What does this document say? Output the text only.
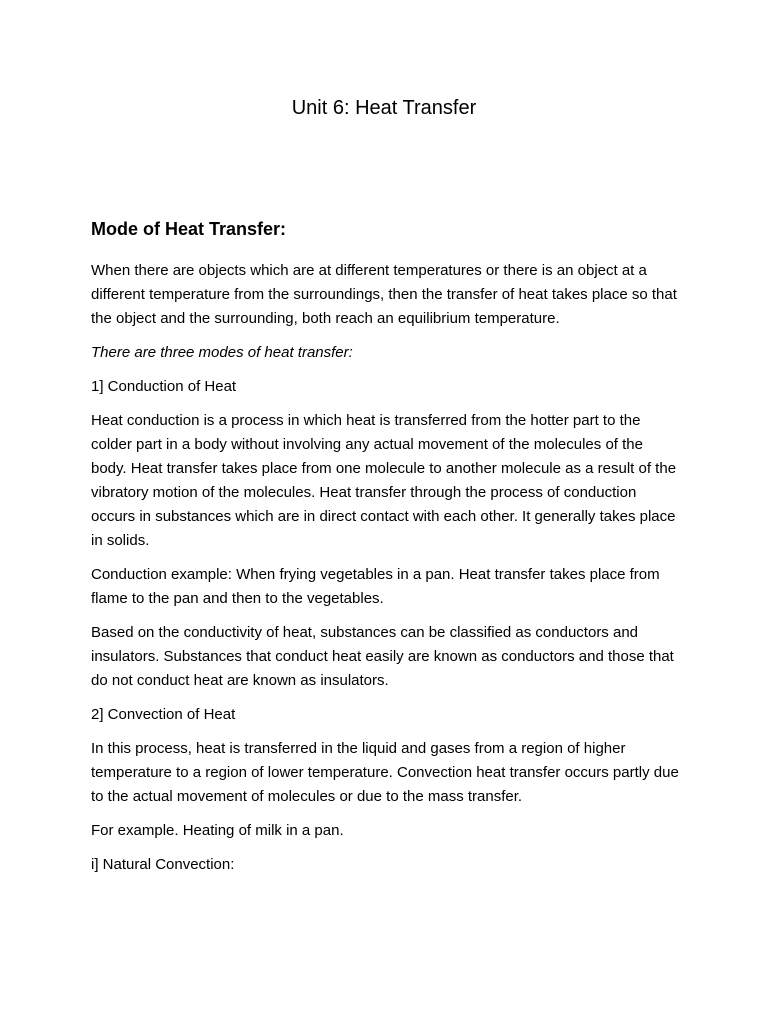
Unit 6: Heat Transfer
Mode of Heat Transfer:

When there are objects which are at different temperatures or there is an object at a different temperature from the surroundings, then the transfer of heat takes place so that the object and the surrounding, both reach an equilibrium temperature.

There are three modes of heat transfer:

1] Conduction of Heat

Heat conduction is a process in which heat is transferred from the hotter part to the colder part in a body without involving any actual movement of the molecules of the body. Heat transfer takes place from one molecule to another molecule as a result of the vibratory motion of the molecules. Heat transfer through the process of conduction occurs in substances which are in direct contact with each other. It generally takes place in solids.

Conduction example: When frying vegetables in a pan. Heat transfer takes place from flame to the pan and then to the vegetables.

Based on the conductivity of heat, substances can be classified as conductors and insulators. Substances that conduct heat easily are known as conductors and those that do not conduct heat are known as insulators.

2] Convection of Heat

In this process, heat is transferred in the liquid and gases from a region of higher temperature to a region of lower temperature. Convection heat transfer occurs partly due to the actual movement of molecules or due to the mass transfer.

For example. Heating of milk in a pan.

i] Natural Convection:
